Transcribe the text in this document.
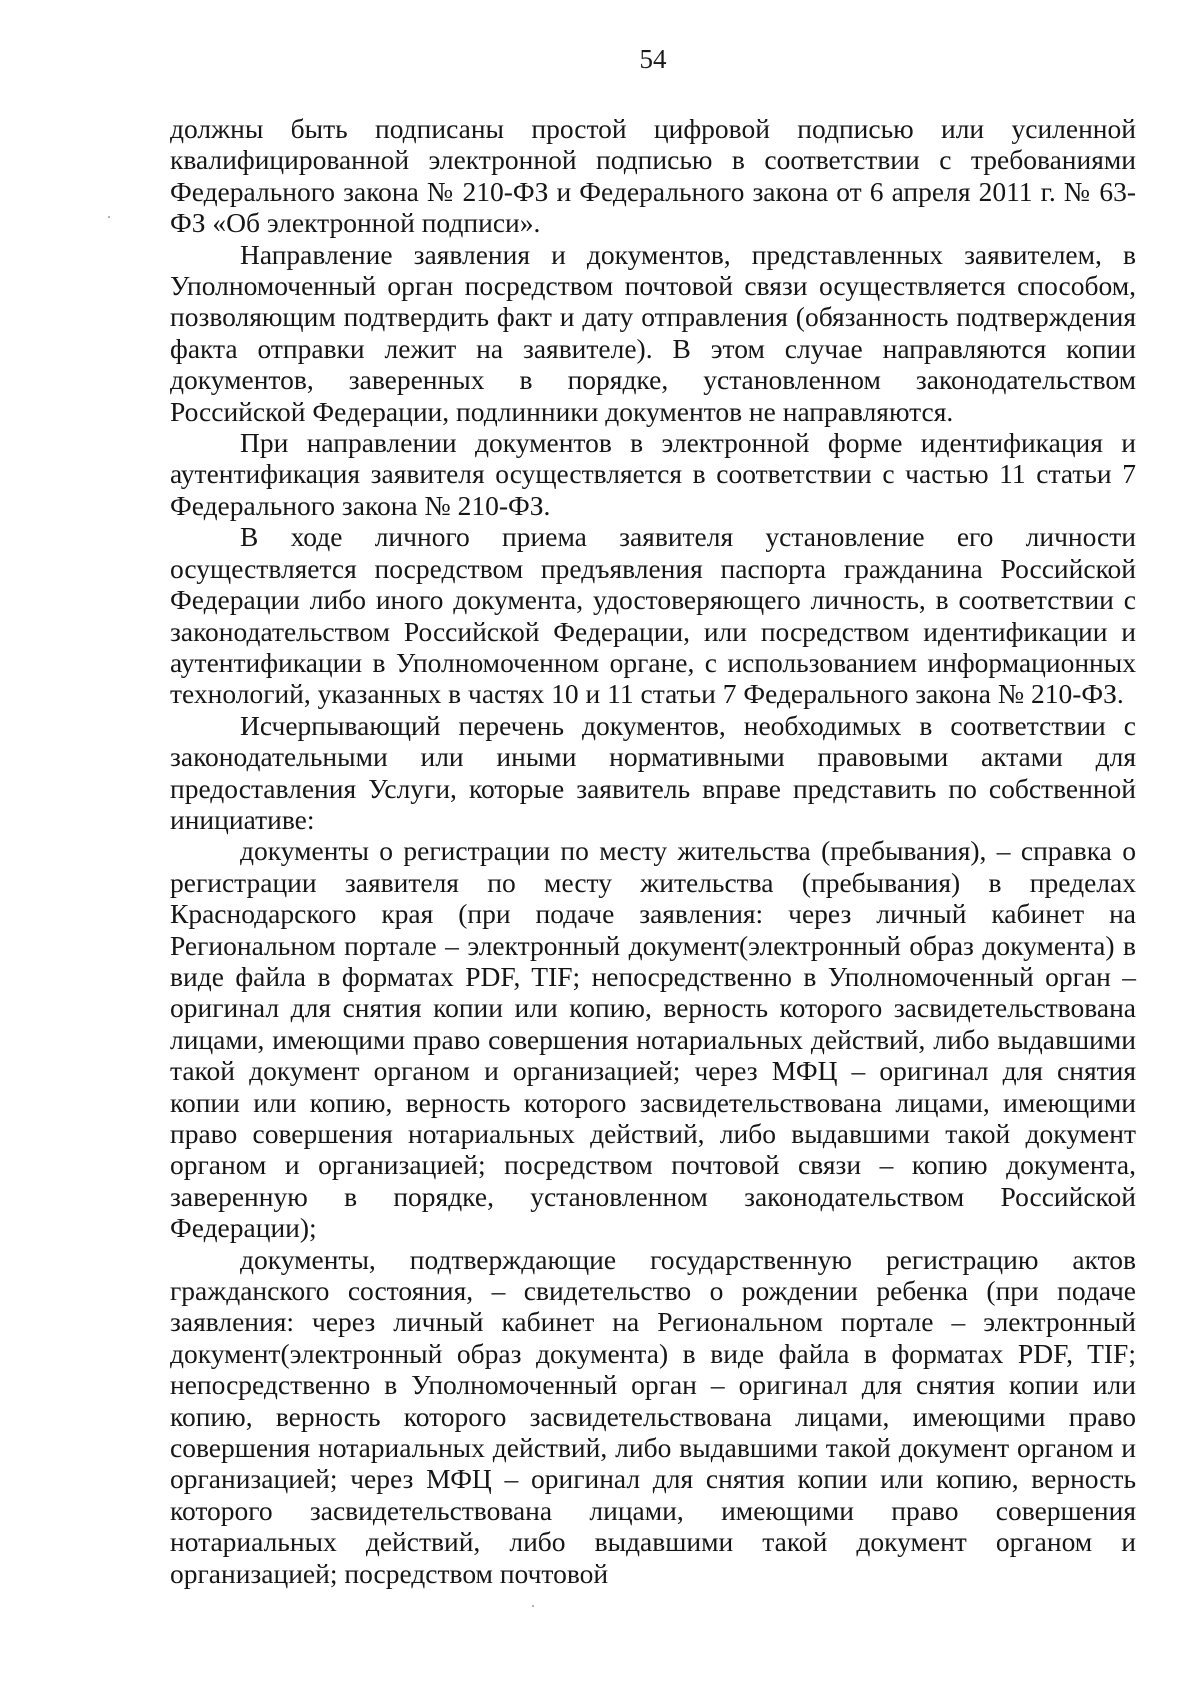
54

должны быть подписаны простой цифровой подписью или усиленной квалифицированной электронной подписью в соответствии с требованиями Федерального закона № 210-ФЗ и Федерального закона от 6 апреля 2011 г. № 63-ФЗ «Об электронной подписи».

Направление заявления и документов, представленных заявителем, в Уполномоченный орган посредством почтовой связи осуществляется способом, позволяющим подтвердить факт и дату отправления (обязанность подтверждения факта отправки лежит на заявителе). В этом случае направляются копии документов, заверенных в порядке, установленном законодательством Российской Федерации, подлинники документов не направляются.

При направлении документов в электронной форме идентификация и аутентификация заявителя осуществляется в соответствии с частью 11 статьи 7 Федерального закона № 210-ФЗ.

В ходе личного приема заявителя установление его личности осуществляется посредством предъявления паспорта гражданина Российской Федерации либо иного документа, удостоверяющего личность, в соответствии с законодательством Российской Федерации, или посредством идентификации и аутентификации в Уполномоченном органе, с использованием информационных технологий, указанных в частях 10 и 11 статьи 7 Федерального закона № 210-ФЗ.

Исчерпывающий перечень документов, необходимых в соответствии с законодательными или иными нормативными правовыми актами для предоставления Услуги, которые заявитель вправе представить по собственной инициативе:

документы о регистрации по месту жительства (пребывания), – справка о регистрации заявителя по месту жительства (пребывания) в пределах Краснодарского края (при подаче заявления: через личный кабинет на Региональном портале – электронный документ(электронный образ документа) в виде файла в форматах PDF, TIF; непосредственно в Уполномоченный орган – оригинал для снятия копии или копию, верность которого засвидетельствована лицами, имеющими право совершения нотариальных действий, либо выдавшими такой документ органом и организацией; через МФЦ – оригинал для снятия копии или копию, верность которого засвидетельствована лицами, имеющими право совершения нотариальных действий, либо выдавшими такой документ органом и организацией; посредством почтовой связи – копию документа, заверенную в порядке, установленном законодательством Российской Федерации);

документы, подтверждающие государственную регистрацию актов гражданского состояния, – свидетельство о рождении ребенка (при подаче заявления: через личный кабинет на Региональном портале – электронный документ(электронный образ документа) в виде файла в форматах PDF, TIF; непосредственно в Уполномоченный орган – оригинал для снятия копии или копию, верность которого засвидетельствована лицами, имеющими право совершения нотариальных действий, либо выдавшими такой документ органом и организацией; через МФЦ – оригинал для снятия копии или копию, верность которого засвидетельствована лицами, имеющими право совершения нотариальных действий, либо выдавшими такой документ органом и организацией; посредством почтовой
